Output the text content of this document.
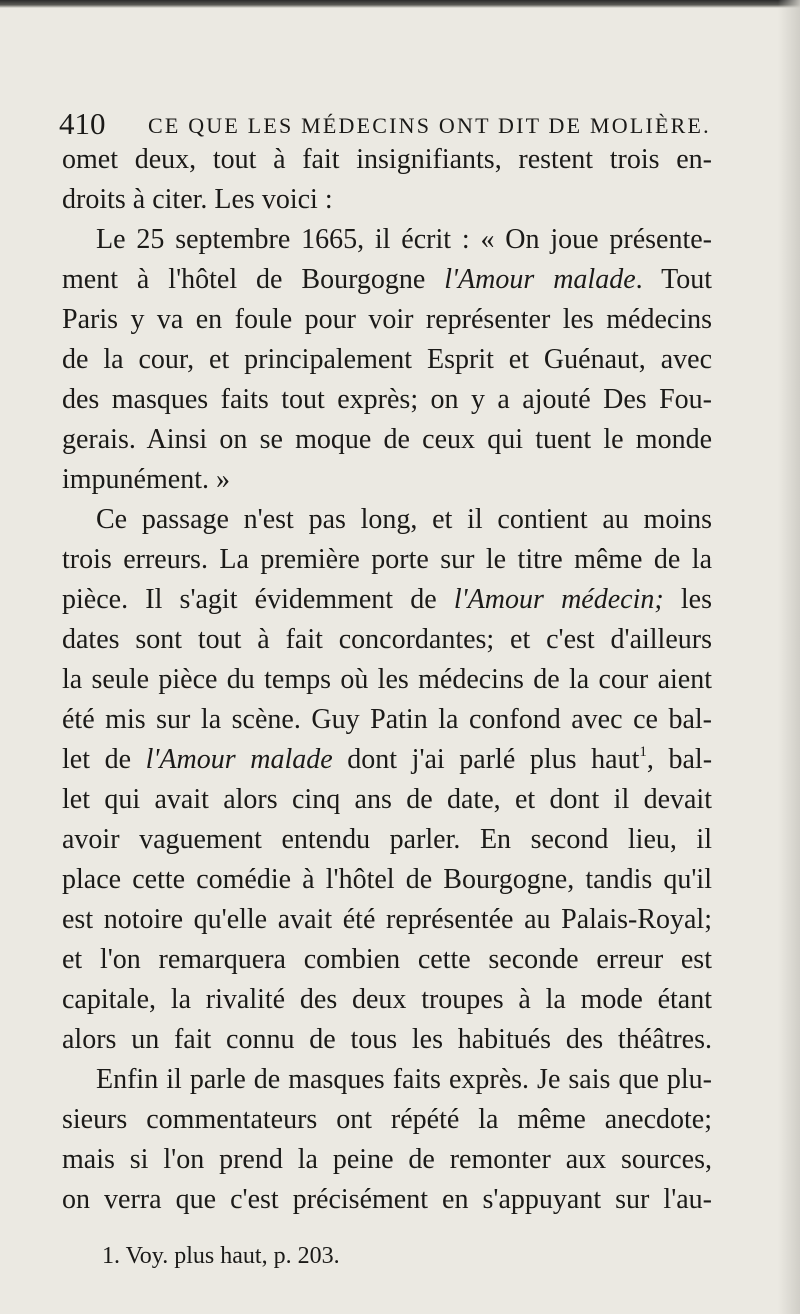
410 CE QUE LES MÉDECINS ONT DIT DE MOLIÈRE.
omet deux, tout à fait insignifiants, restent trois en-
droits à citer. Les voici :
Le 25 septembre 1665, il écrit : « On joue présente-
ment à l'hôtel de Bourgogne l'Amour malade. Tout
Paris y va en foule pour voir représenter les médecins
de la cour, et principalement Esprit et Guénaut, avec
des masques faits tout exprès; on y a ajouté Des Fou-
gerais. Ainsi on se moque de ceux qui tuent le monde
impunément. »
Ce passage n'est pas long, et il contient au moins
trois erreurs. La première porte sur le titre même de la
pièce. Il s'agit évidemment de l'Amour médecin; les
dates sont tout à fait concordantes; et c'est d'ailleurs
la seule pièce du temps où les médecins de la cour aient
été mis sur la scène. Guy Patin la confond avec ce bal-
let de l'Amour malade dont j'ai parlé plus haut$^1$, bal-
let qui avait alors cinq ans de date, et dont il devait
avoir vaguement entendu parler. En second lieu, il
place cette comédie à l'hôtel de Bourgogne, tandis qu'il
est notoire qu'elle avait été représentée au Palais-Royal;
et l'on remarquera combien cette seconde erreur est
capitale, la rivalité des deux troupes à la mode étant
alors un fait connu de tous les habitués des théâtres.
Enfin il parle de masques faits exprès. Je sais que plu-
sieurs commentateurs ont répété la même anecdote;
mais si l'on prend la peine de remonter aux sources,
on verra que c'est précisément en s'appuyant sur l'au-
1. Voy. plus haut, p. 203.
